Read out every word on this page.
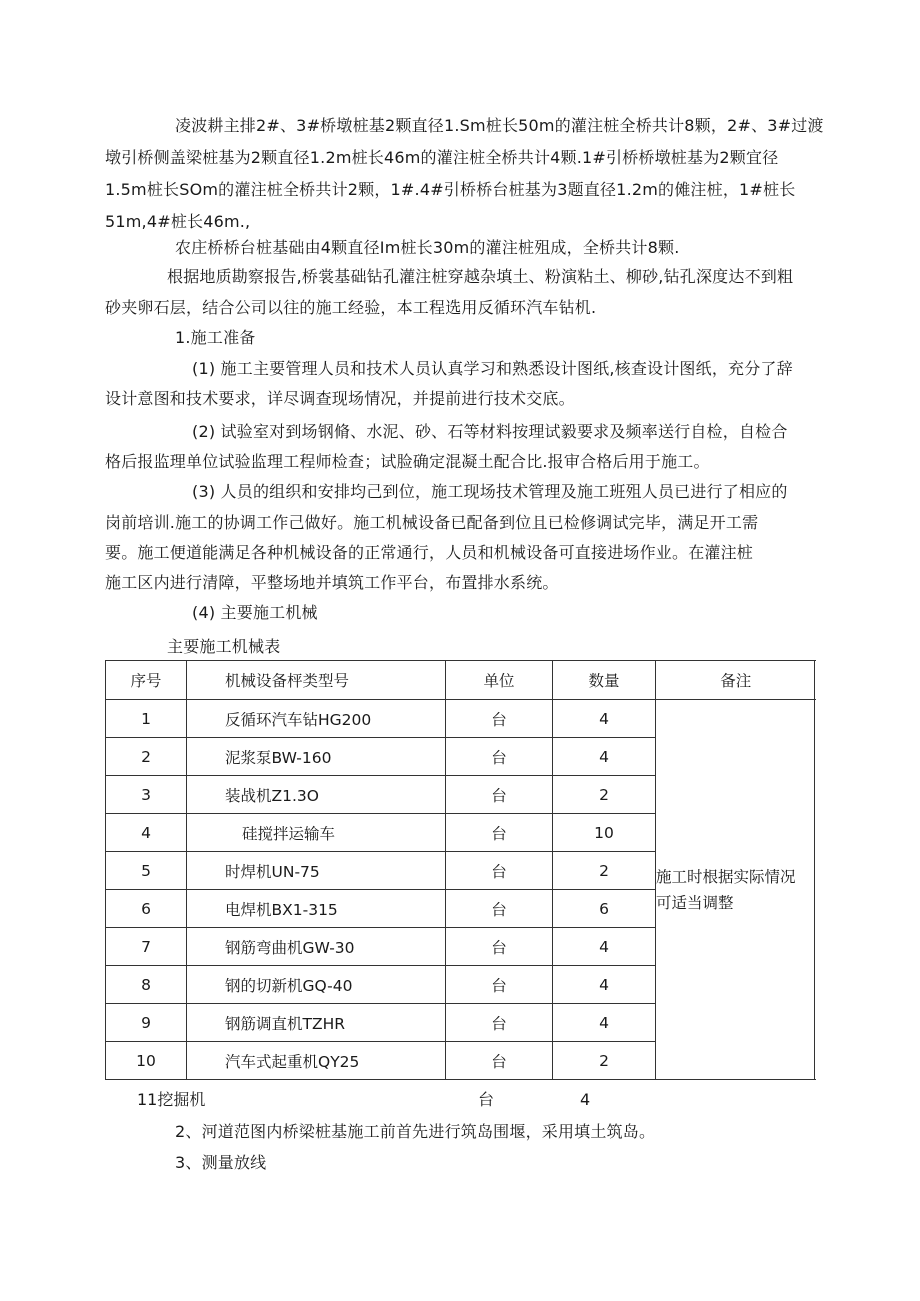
凌波耕主排2#、3#桥墩桩基2颗直径1.Sm桩长50m的灌注桩全桥共计8颗，2#、3#过渡
墩引桥侧盖梁桩基为2颗直径1.2m桩长46m的灌注桩全桥共计4颗.1#引桥桥墩桩基为2颗宜径
1.5m桩长SOm的灌注桩全桥共计2颗，1#.4#引桥桥台桩基为3题直径1.2m的傩注桩，1#桩长
51m,4#桩长46m.,
农庄桥桥台桩基础由4颗直径Im桩长30m的灌注桩殂成，全桥共计8颗.
根据地质勘察报告,桥裳基础钻孔灌注桩穿越杂填土、粉演粘土、柳砂,钻孔深度达不到粗
砂夹卵石层，结合公司以往的施工经验，本工程选用反循环汽车钻机.
1.施工准备
(1) 施工主要管理人员和技术人员认真学习和熟悉设计图纸,核查设计图纸，充分了辞
设计意图和技术要求，详尽调查现场情况，并提前进行技术交底。
(2) 试验室对到场钢脩、水泥、砂、石等材料按理试毅要求及频率送行自检，自检合
格后报监理单位试验监理工程师检查；试脸确定混凝土配合比.报审合格后用于施工。
(3) 人员的组织和安排均己到位，施工现场技术管理及施工班殂人员已进行了相应的
岗前培训.施工的协调工作己做好。施工机械设备已配备到位且已检修调试完毕，满足开工需
要。施工便道能满足各种机械设备的正常通行，人员和机械设备可直接进场作业。在灌注桩
施工区内进行清障，平整场地并填筑工作平台，布置排水系统。
(4) 主要施工机械
主要施工机械表
序号	机械设备枰类型号	单位	数量	备注
1	反循环汽车钻HG200	台	4	施工时根据实际情况
可适当调整

2	泥浆泵BW-160	台	4	
3	装战机Z1.3O	台	2	
4	硅搅拌运输车	台	10	
5	时焊机UN-75	台	2	
6	电焊机BX1-315	台	6	
7	钢筋弯曲机GW-30	台	4	
8	钢的切新机GQ-40	台	4	
9	钢筋调直机TZHR	台	4	
10	汽车式起重机QY25	台	2	
11挖掘机	台	4
2、河道范图内桥梁桩基施工前首先进行筑岛围堰，采用填土筑岛。
3、测量放线
